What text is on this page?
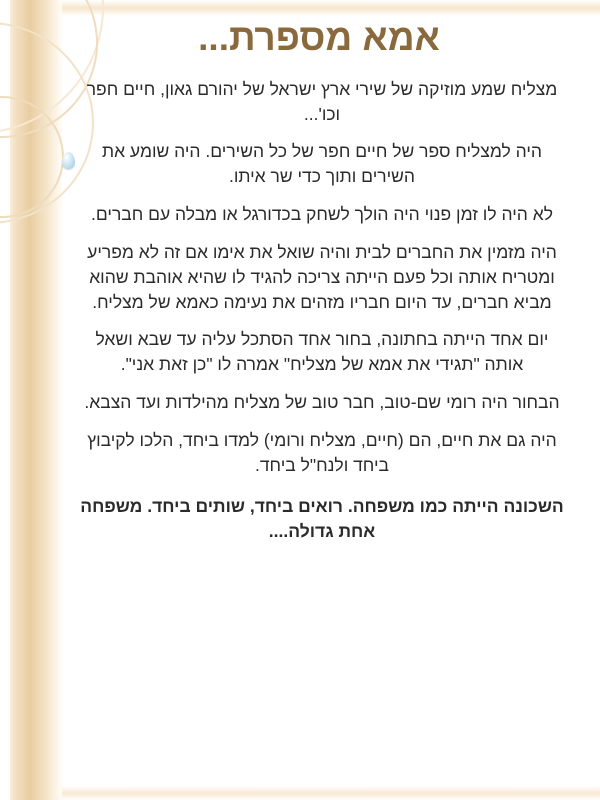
אמא מספרת...

מצליח שמע מוזיקה של שירי ארץ ישראל של יהורם גאון, חיים חפר וכו'...

היה למצליח ספר של חיים חפר של כל השירים. היה שומע את השירים ותוך כדי שר איתו.

לא היה לו זמן פנוי היה הולך לשחק בכדורגל או מבלה עם חברים.

היה מזמין את החברים לבית והיה שואל את אימו אם זה לא מפריע ומטריח אותה וכל פעם הייתה צריכה להגיד לו שהיא אוהבת שהוא מביא חברים, עד היום חבריו מזהים את נעימה כאמא של מצליח.

יום אחד הייתה בחתונה, בחור אחד הסתכל עליה עד שבא ושאל אותה "תגידי את אמא של מצליח" אמרה לו "כן זאת אני".

הבחור היה רומי שם-טוב, חבר טוב של מצליח מהילדות ועד הצבא.

היה גם את חיים, הם (חיים, מצליח ורומי) למדו ביחד, הלכו לקיבוץ ביחד ולנח"ל ביחד.

השכונה הייתה כמו משפחה. רואים ביחד, שותים ביחד. משפחה אחת גדולה....
